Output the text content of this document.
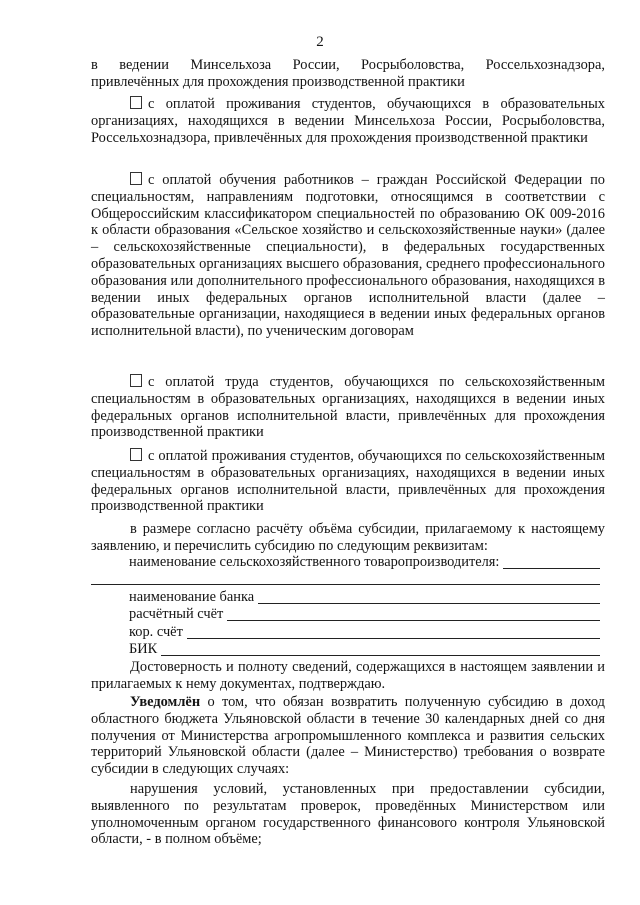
2
в ведении Минсельхоза России, Росрыболовства, Россельхознадзора, привлечённых для прохождения производственной практики
с оплатой проживания студентов, обучающихся в образовательных организациях, находящихся в ведении Минсельхоза России, Росрыболовства, Россельхознадзора, привлечённых для прохождения производственной практики
с оплатой обучения работников – граждан Российской Федерации по специальностям, направлениям подготовки, относящимся в соответствии с Общероссийским классификатором специальностей по образованию ОК 009-2016 к области образования «Сельское хозяйство и сельскохозяйственные науки» (далее – сельскохозяйственные специальности), в федеральных государственных образовательных организациях высшего образования, среднего профессионального образования или дополнительного профессионального образования, находящихся в ведении иных федеральных органов исполнительной власти (далее – образовательные организации, находящиеся в ведении иных федеральных органов исполнительной власти), по ученическим договорам
с оплатой труда студентов, обучающихся по сельскохозяйственным специальностям в образовательных организациях, находящихся в ведении иных федеральных органов исполнительной власти, привлечённых для прохождения производственной практики
с оплатой проживания студентов, обучающихся по сельскохозяйственным специальностям в образовательных организациях, находящихся в ведении иных федеральных органов исполнительной власти, привлечённых для прохождения производственной практики
в размере согласно расчёту объёма субсидии, прилагаемому к настоящему заявлению, и перечислить субсидию по следующим реквизитам:
наименование сельскохозяйственного товаропроизводителя:
наименование банка
расчётный счёт
кор. счёт
БИК
Достоверность и полноту сведений, содержащихся в настоящем заявлении и прилагаемых к нему документах, подтверждаю.
Уведомлён о том, что обязан возвратить полученную субсидию в доход областного бюджета Ульяновской области в течение 30 календарных дней со дня получения от Министерства агропромышленного комплекса и развития сельских территорий Ульяновской области (далее – Министерство) требования о возврате субсидии в следующих случаях:
нарушения условий, установленных при предоставлении субсидии, выявленного по результатам проверок, проведённых Министерством или уполномоченным органом государственного финансового контроля Ульяновской области, - в полном объёме;
